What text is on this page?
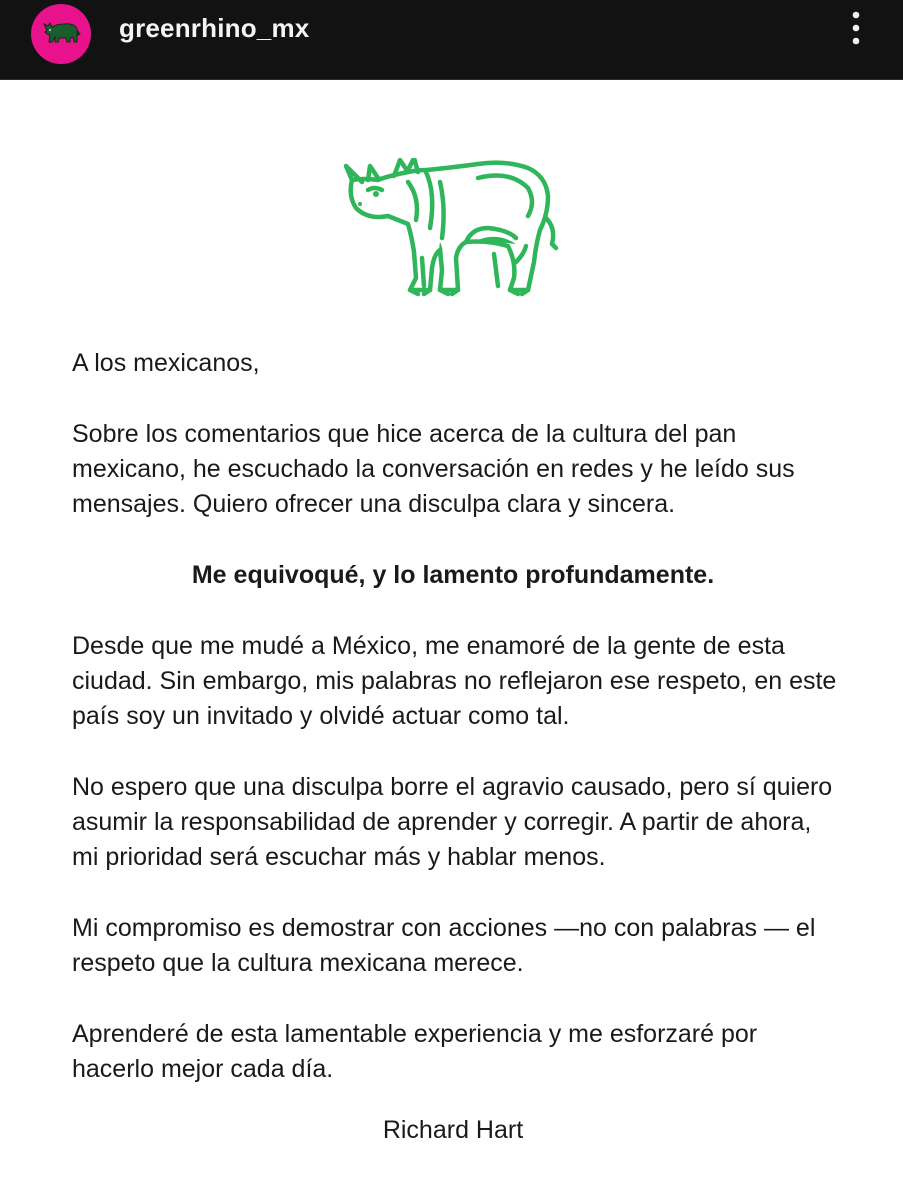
greenrhino_mx

A los mexicanos,

Sobre los comentarios que hice acerca de la cultura del pan mexicano, he escuchado la conversación en redes y he leído sus mensajes. Quiero ofrecer una disculpa clara y sincera.

Me equivoqué, y lo lamento profundamente.

Desde que me mudé a México, me enamoré de la gente de esta ciudad. Sin embargo, mis palabras no reflejaron ese respeto, en este país soy un invitado y olvidé actuar como tal.

No espero que una disculpa borre el agravio causado, pero sí quiero asumir la responsabilidad de aprender y corregir. A partir de ahora, mi prioridad será escuchar más y hablar menos.

Mi compromiso es demostrar con acciones —no con palabras — el respeto que la cultura mexicana merece.

Aprenderé de esta lamentable experiencia y me esforzaré por hacerlo mejor cada día.

Richard Hart
